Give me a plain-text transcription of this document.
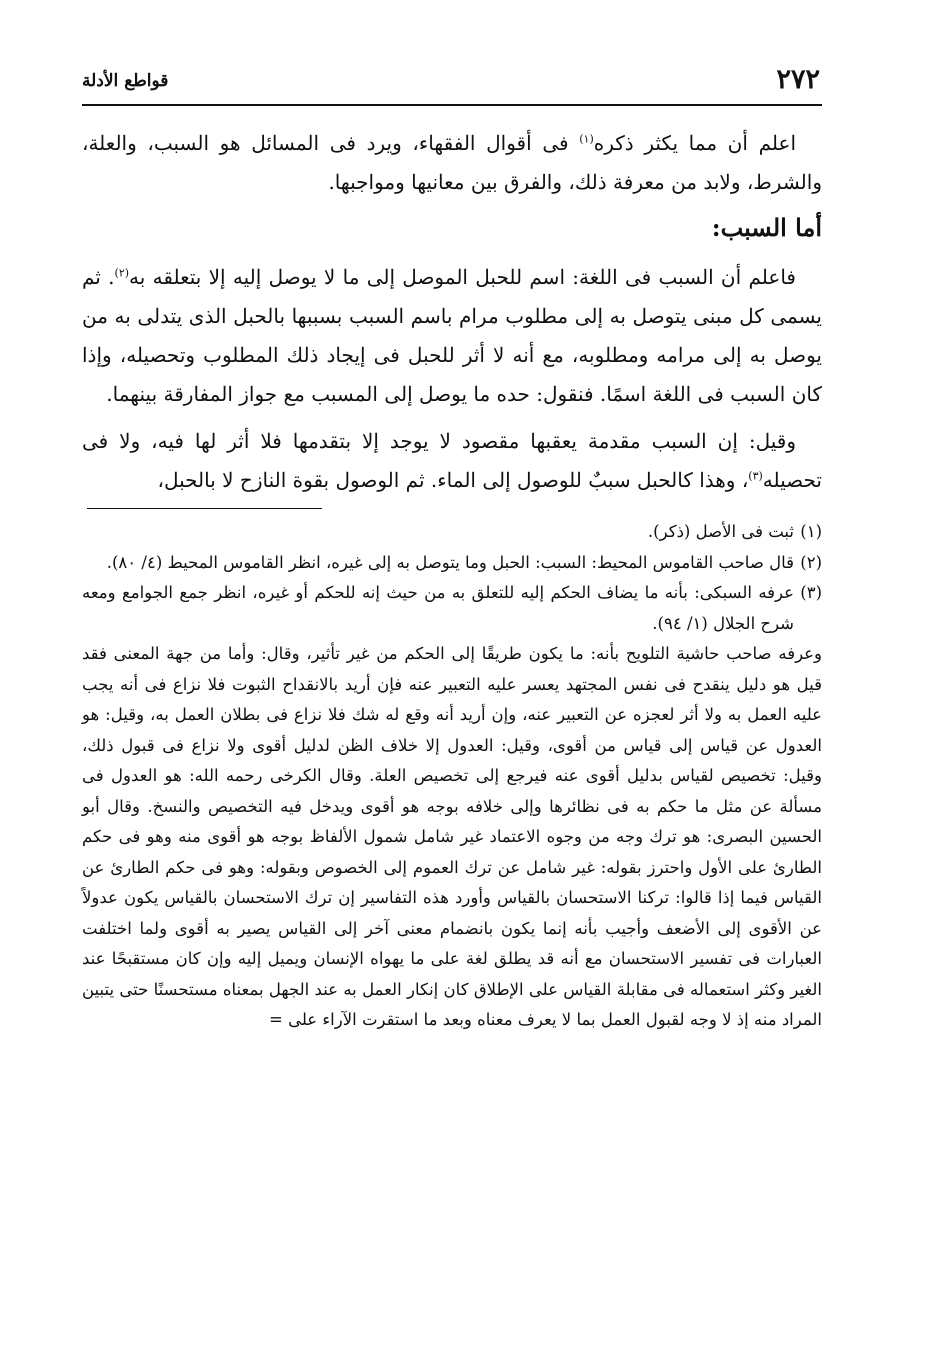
٢٧٢
قواطع الأدلة

اعلم أن مما يكثر ذكره$^{(١)}$ فى أقوال الفقهاء، ويرد فى المسائل هو السبب، والعلة، والشرط، ولابد من معرفة ذلك، والفرق بين معانيها ومواجبها.

أما السبب:

فاعلم أن السبب فى اللغة: اسم للحبل الموصل إلى ما لا يوصل إليه إلا بتعلقه به$^{(٢)}$. ثم يسمى كل مبنى يتوصل به إلى مطلوب مرام باسم السبب بسببها بالحبل الذى يتدلى به من يوصل به إلى مرامه ومطلوبه، مع أنه لا أثر للحبل فى إيجاد ذلك المطلوب وتحصيله، وإذا كان السبب فى اللغة اسمًا. فنقول: حده ما يوصل إلى المسبب مع جواز المفارقة بينهما.

وقيل: إن السبب مقدمة يعقبها مقصود لا يوجد إلا بتقدمها فلا أثر لها فيه، ولا فى تحصيله$^{(٣)}$، وهذا كالحبل سببٌ للوصول إلى الماء. ثم الوصول بقوة النازح لا بالحبل،

(١)
ثبت فى الأصل (ذكر).
(٢)
قال صاحب القاموس المحيط: السبب: الحبل وما يتوصل به إلى غيره، انظر القاموس المحيط (٤/ ٨٠).
(٣)
عرفه السبكى: بأنه ما يضاف الحكم إليه للتعلق به من حيث إنه للحكم أو غيره، انظر جمع الجوامع ومعه شرح الجلال (١/ ٩٤).

وعرفه صاحب حاشية التلويح بأنه: ما يكون طريقًا إلى الحكم من غير تأثير، وقال: وأما من جهة المعنى فقد قيل هو دليل ينقدح فى نفس المجتهد يعسر عليه التعبير عنه فإن أريد بالانقداح الثبوت فلا نزاع فى أنه يجب عليه العمل به ولا أثر لعجزه عن التعبير عنه، وإن أريد أنه وقع له شك فلا نزاع فى بطلان العمل به، وقيل: هو العدول عن قياس إلى قياس من أقوى، وقيل: العدول إلا خلاف الظن لدليل أقوى ولا نزاع فى قبول ذلك، وقيل: تخصيص لقياس بدليل أقوى عنه فيرجع إلى تخصيص العلة. وقال الكرخى رحمه الله: هو العدول فى مسألة عن مثل ما حكم به فى نظائرها وإلى خلافه بوجه هو أقوى ويدخل فيه التخصيص والنسخ. وقال أبو الحسين البصرى: هو ترك وجه من وجوه الاعتماد غير شامل شمول الألفاظ بوجه هو أقوى منه وهو فى حكم الطارئ على الأول واحترز بقوله: غير شامل عن ترك العموم إلى الخصوص وبقوله: وهو فى حكم الطارئ عن القياس فيما إذا قالوا: تركنا الاستحسان بالقياس وأورد هذه التفاسير إن ترك الاستحسان بالقياس يكون عدولاً عن الأقوى إلى الأضعف وأجيب بأنه إنما يكون بانضمام معنى آخر إلى القياس يصير به أقوى ولما اختلفت العبارات فى تفسير الاستحسان مع أنه قد يطلق لغة على ما يهواه الإنسان ويميل إليه وإن كان مستقبحًا عند الغير وكثر استعماله فى مقابلة القياس على الإطلاق كان إنكار العمل به عند الجهل بمعناه مستحسنًا حتى يتبين المراد منه إذ لا وجه لقبول العمل بما لا يعرف معناه وبعد ما استقرت الآراء على =
